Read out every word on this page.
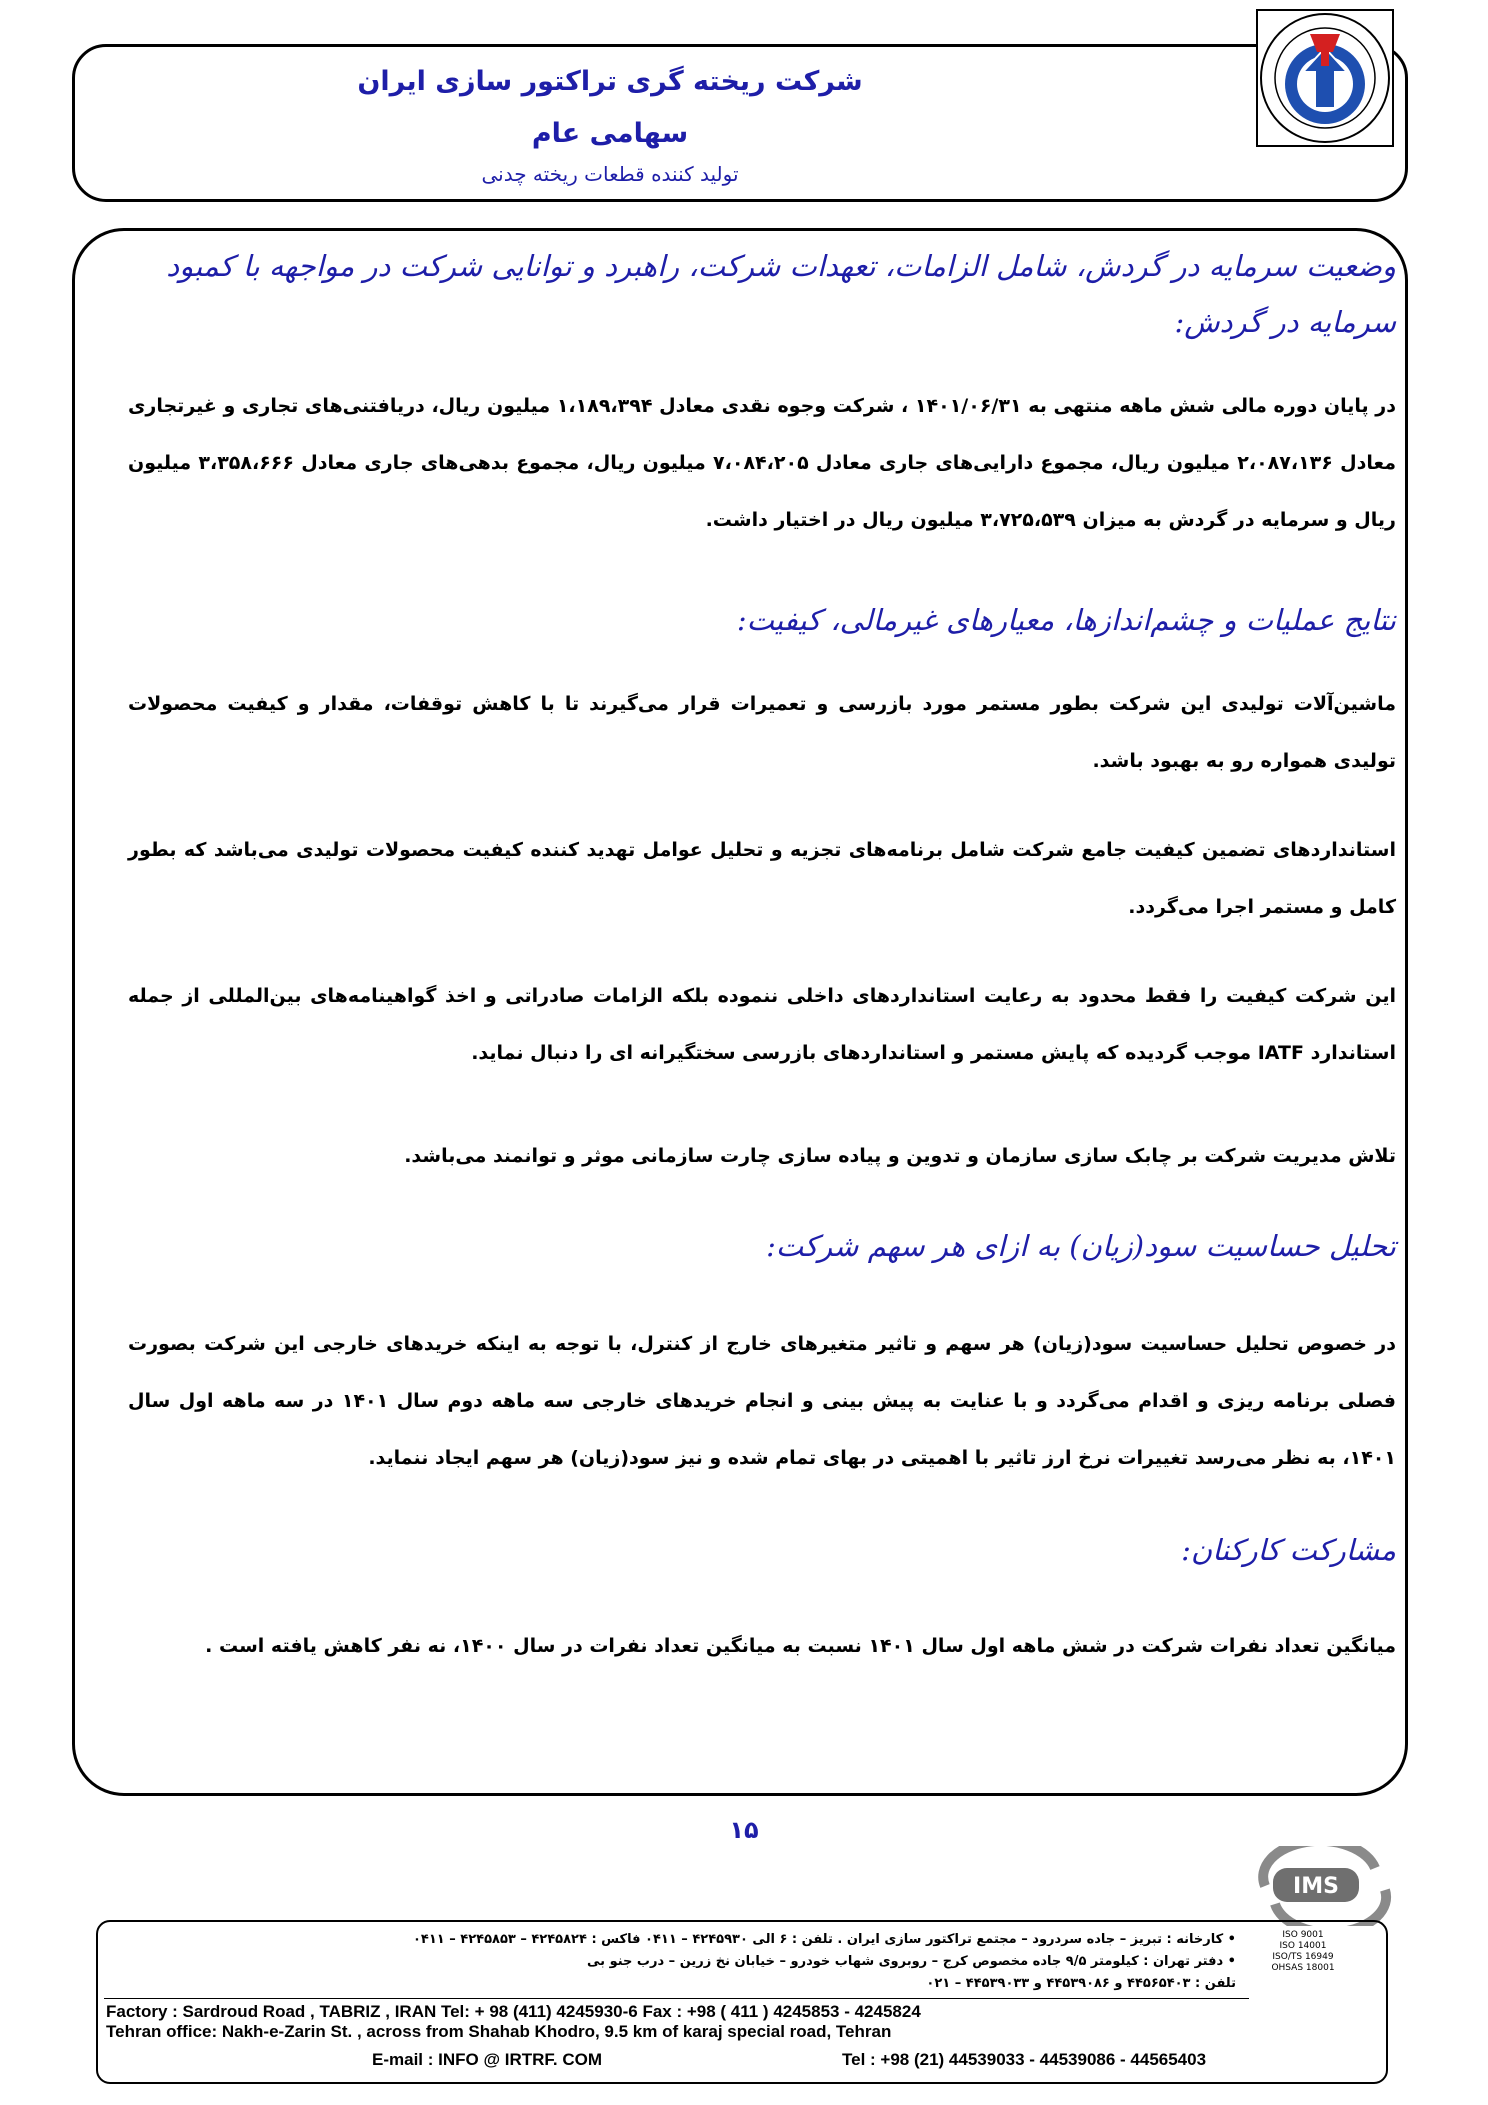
شرکت ریخته گری تراکتور سازی ایران
سهامی عام
تولید کننده قطعات ریخته چدنی
وضعیت سرمایه در گردش، شامل الزامات، تعهدات شرکت، راهبرد و توانایی شرکت در مواجهه با کمبود
سرمایه در گردش:
در پایان دوره مالی شش ماهه منتهی به ۱۴۰۱/۰۶/۳۱ ، شرکت وجوه نقدی معادل ۱،۱۸۹،۳۹۴ میلیون ریال، دریافتنی‌های تجاری و غیرتجاری معادل ۲،۰۸۷،۱۳۶ میلیون ریال، مجموع دارایی‌های جاری معادل ۷،۰۸۴،۲۰۵ میلیون ریال، مجموع بدهی‌های جاری معادل ۳،۳۵۸،۶۶۶ میلیون ریال و سرمایه در گردش به میزان ۳،۷۲۵،۵۳۹ میلیون ریال در اختیار داشت.
نتایج عملیات و چشم‌اندازها، معیارهای غیرمالی، کیفیت:
ماشین‌آلات تولیدی این شرکت بطور مستمر مورد بازرسی و تعمیرات قرار می‌گیرند تا با کاهش توقفات، مقدار و کیفیت محصولات تولیدی همواره رو به بهبود باشد.
استانداردهای تضمین کیفیت جامع شرکت شامل برنامه‌های تجزیه و تحلیل عوامل تهدید کننده کیفیت محصولات تولیدی می‌باشد که بطور کامل و مستمر اجرا می‌گردد.
این شرکت کیفیت را فقط محدود به رعایت استانداردهای داخلی ننموده بلکه الزامات صادراتی و اخذ گواهینامه‌های بین‌المللی از جمله استاندارد IATF موجب گردیده که پایش مستمر و استانداردهای بازرسی سختگیرانه ای را دنبال نماید.
تلاش مدیریت شرکت بر چابک سازی سازمان و تدوین و پیاده سازی چارت سازمانی موثر و توانمند می‌باشد.
تحلیل حساسیت سود(زیان) به ازای هر سهم شرکت:
در خصوص تحلیل حساسیت سود(زیان) هر سهم و تاثیر متغیرهای خارج از کنترل، با توجه به اینکه خریدهای خارجی این شرکت بصورت فصلی برنامه ریزی و اقدام می‌گردد و با عنایت به پیش بینی و انجام خریدهای خارجی سه ماهه دوم سال ۱۴۰۱ در سه ماهه اول سال ۱۴۰۱، به نظر می‌رسد تغییرات نرخ ارز تاثیر با اهمیتی در بهای تمام شده و نیز سود(زیان) هر سهم ایجاد ننماید.
مشارکت کارکنان:
میانگین تعداد نفرات شرکت در شش ماهه اول سال ۱۴۰۱ نسبت به میانگین تعداد نفرات در سال ۱۴۰۰، نه نفر کاهش یافته است .
۱۵
IMS
ISO 9001
ISO 14001
ISO/TS 16949
OHSAS 18001
• کارخانه : تبریز – جاده سردرود – مجتمع تراکتور سازی ایران . تلفن : ۶ الی ۴۲۴۵۹۳۰ – ۰۴۱۱ فاکس : ۴۲۴۵۸۲۴ – ۴۲۴۵۸۵۳ – ۰۴۱۱
• دفتر تهران : کیلومتر ۹/۵ جاده مخصوص کرج – روبروی شهاب خودرو – خیابان نخ زرین – درب جنو بی
تلفن : ۴۴۵۶۵۴۰۳ و ۴۴۵۳۹۰۸۶ و ۴۴۵۳۹۰۳۳ – ۰۲۱
Factory : Sardroud Road , TABRIZ , IRAN Tel: + 98 (411) 4245930-6 Fax : +98 ( 411 ) 4245853 - 4245824
Tehran office: Nakh-e-Zarin St. , across from Shahab Khodro, 9.5 km of karaj special road, Tehran
E-mail : INFO @ IRTRF. COM	Tel : +98 (21) 44539033 - 44539086 - 44565403
